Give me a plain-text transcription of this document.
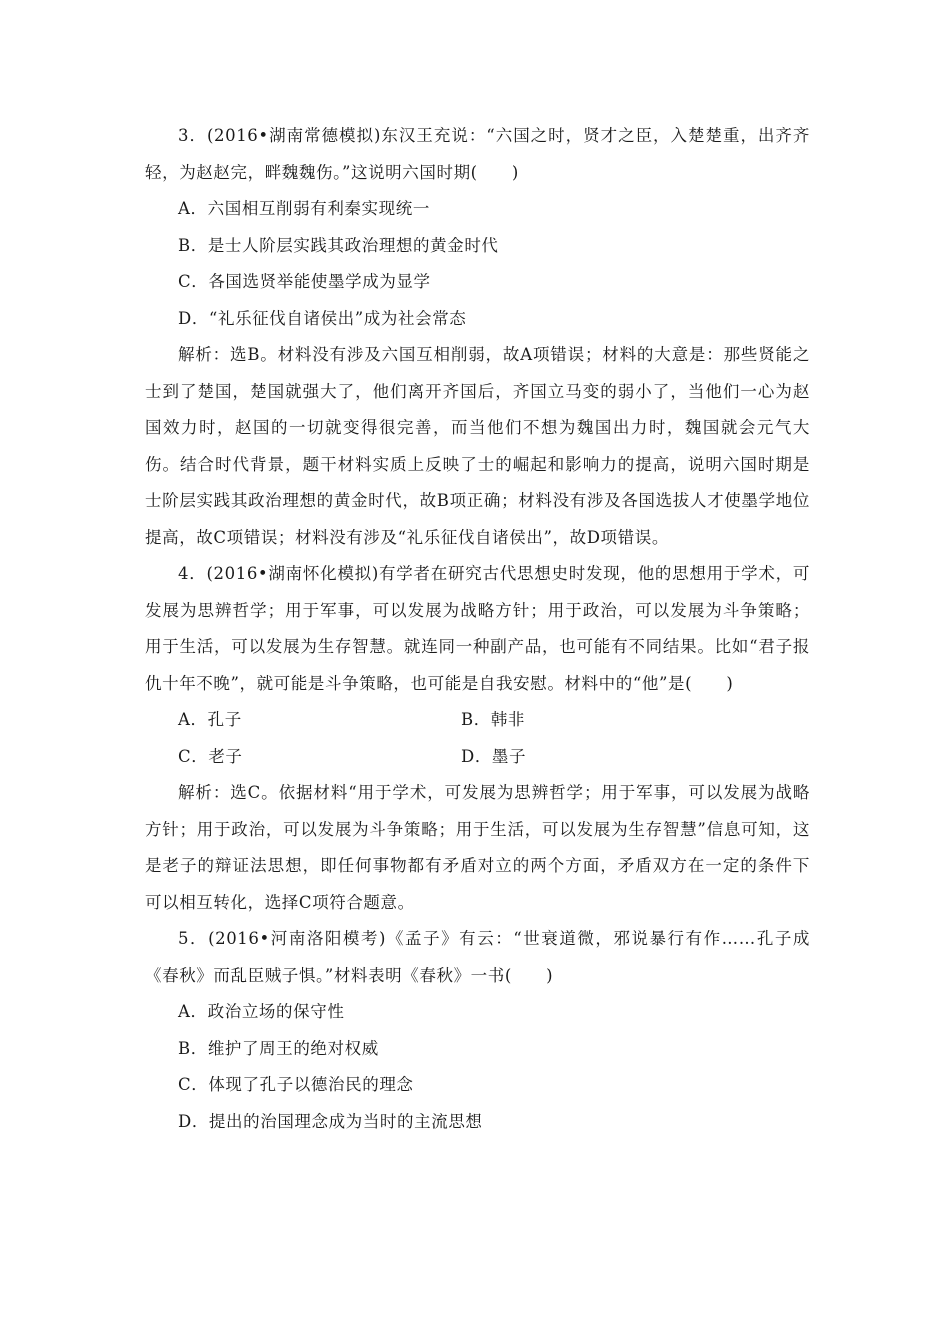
3．(2016•湖南常德模拟)东汉王充说：“六国之时，贤才之臣，入楚楚重，出齐齐轻，为赵赵完，畔魏魏伤。”这说明六国时期(　　)

A．六国相互削弱有利秦实现统一

B．是士人阶层实践其政治理想的黄金时代

C．各国选贤举能使墨学成为显学

D．“礼乐征伐自诸侯出”成为社会常态

解析：选B。材料没有涉及六国互相削弱，故A项错误；材料的大意是：那些贤能之士到了楚国，楚国就强大了，他们离开齐国后，齐国立马变的弱小了，当他们一心为赵国效力时，赵国的一切就变得很完善，而当他们不想为魏国出力时，魏国就会元气大伤。结合时代背景，题干材料实质上反映了士的崛起和影响力的提高，说明六国时期是士阶层实践其政治理想的黄金时代，故B项正确；材料没有涉及各国选拔人才使墨学地位提高，故C项错误；材料没有涉及“礼乐征伐自诸侯出”，故D项错误。

4．(2016•湖南怀化模拟)有学者在研究古代思想史时发现，他的思想用于学术，可发展为思辨哲学；用于军事，可以发展为战略方针；用于政治，可以发展为斗争策略；用于生活，可以发展为生存智慧。就连同一种副产品，也可能有不同结果。比如“君子报仇十年不晚”，就可能是斗争策略，也可能是自我安慰。材料中的“他”是(　　)

A．孔子	B．韩非
C．老子	D．墨子

解析：选C。依据材料“用于学术，可发展为思辨哲学；用于军事，可以发展为战略方针；用于政治，可以发展为斗争策略；用于生活，可以发展为生存智慧”信息可知，这是老子的辩证法思想，即任何事物都有矛盾对立的两个方面，矛盾双方在一定的条件下可以相互转化，选择C项符合题意。

5．(2016•河南洛阳模考)《孟子》有云：“世衰道微，邪说暴行有作……孔子成《春秋》而乱臣贼子惧。”材料表明《春秋》一书(　　)

A．政治立场的保守性

B．维护了周王的绝对权威

C．体现了孔子以德治民的理念

D．提出的治国理念成为当时的主流思想
